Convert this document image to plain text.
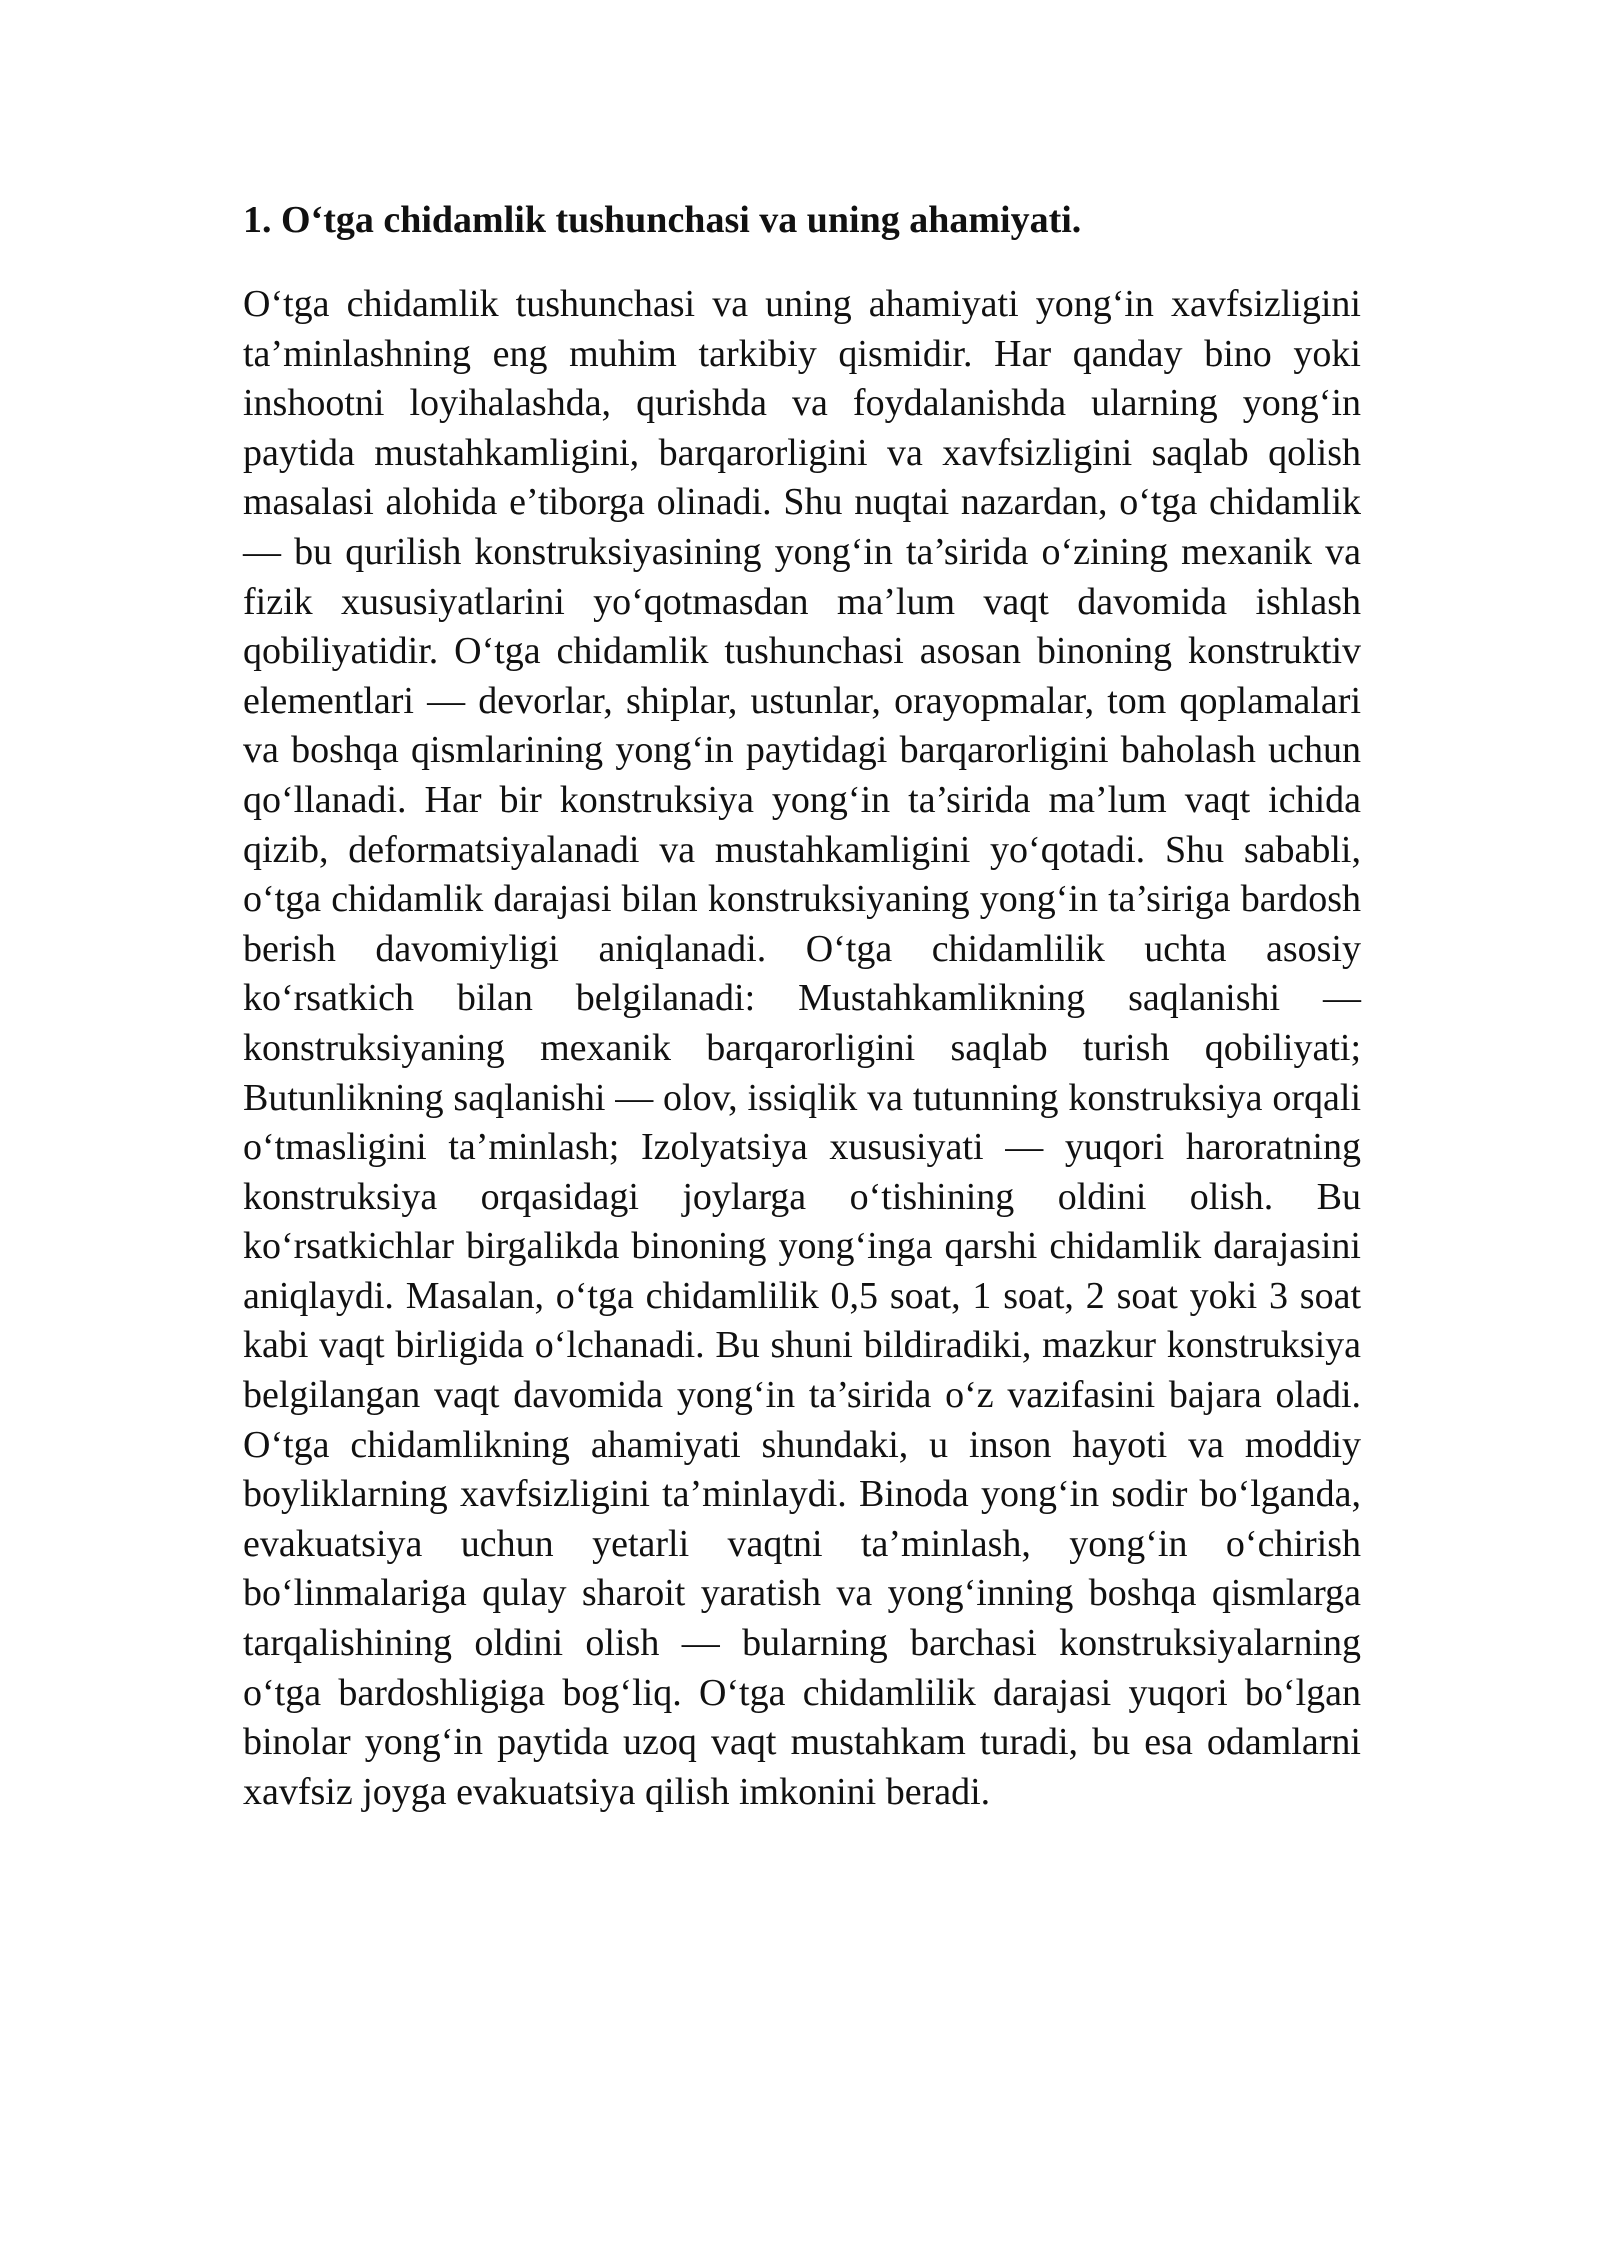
1. O‘tga chidamlik tushunchasi va uning ahamiyati.

O‘tga chidamlik tushunchasi va uning ahamiyati yong‘in xavfsizligini ta’minlashning eng muhim tarkibiy qismidir. Har qanday bino yoki inshootni loyihalashda, qurishda va foydalanishda ularning yong‘in paytida mustahkamligini, barqarorligini va xavfsizligini saqlab qolish masalasi alohida e’tiborga olinadi. Shu nuqtai nazardan, o‘tga chidamlik — bu qurilish konstruksiyasining yong‘in ta’sirida o‘zining mexanik va fizik xususiyatlarini yo‘qotmasdan ma’lum vaqt davomida ishlash qobiliyatidir. O‘tga chidamlik tushunchasi asosan binoning konstruktiv elementlari — devorlar, shiplar, ustunlar, orayopmalar, tom qoplamalari va boshqa qismlarining yong‘in paytidagi barqarorligini baholash uchun qo‘llanadi. Har bir konstruksiya yong‘in ta’sirida ma’lum vaqt ichida qizib, deformatsiyalanadi va mustahkamligini yo‘qotadi. Shu sababli, o‘tga chidamlik darajasi bilan konstruksiyaning yong‘in ta’siriga bardosh berish davomiyligi aniqlanadi. O‘tga chidamlilik uchta asosiy ko‘rsatkich bilan belgilanadi: Mustahkamlikning saqlanishi — konstruksiyaning mexanik barqarorligini saqlab turish qobiliyati; Butunlikning saqlanishi — olov, issiqlik va tutunning konstruksiya orqali o‘tmasligini ta’minlash; Izolyatsiya xususiyati — yuqori haroratning konstruksiya orqasidagi joylarga o‘tishining oldini olish. Bu ko‘rsatkichlar birgalikda binoning yong‘inga qarshi chidamlik darajasini aniqlaydi. Masalan, o‘tga chidamlilik 0,5 soat, 1 soat, 2 soat yoki 3 soat kabi vaqt birligida o‘lchanadi. Bu shuni bildiradiki, mazkur konstruksiya belgilangan vaqt davomida yong‘in ta’sirida o‘z vazifasini bajara oladi. O‘tga chidamlikning ahamiyati shundaki, u inson hayoti va moddiy boyliklarning xavfsizligini ta’minlaydi. Binoda yong‘in sodir bo‘lganda, evakuatsiya uchun yetarli vaqtni ta’minlash, yong‘in o‘chirish bo‘linmalariga qulay sharoit yaratish va yong‘inning boshqa qismlarga tarqalishining oldini olish — bularning barchasi konstruksiyalarning o‘tga bardoshligiga bog‘liq. O‘tga chidamlilik darajasi yuqori bo‘lgan binolar yong‘in paytida uzoq vaqt mustahkam turadi, bu esa odamlarni xavfsiz joyga evakuatsiya qilish imkonini beradi.
